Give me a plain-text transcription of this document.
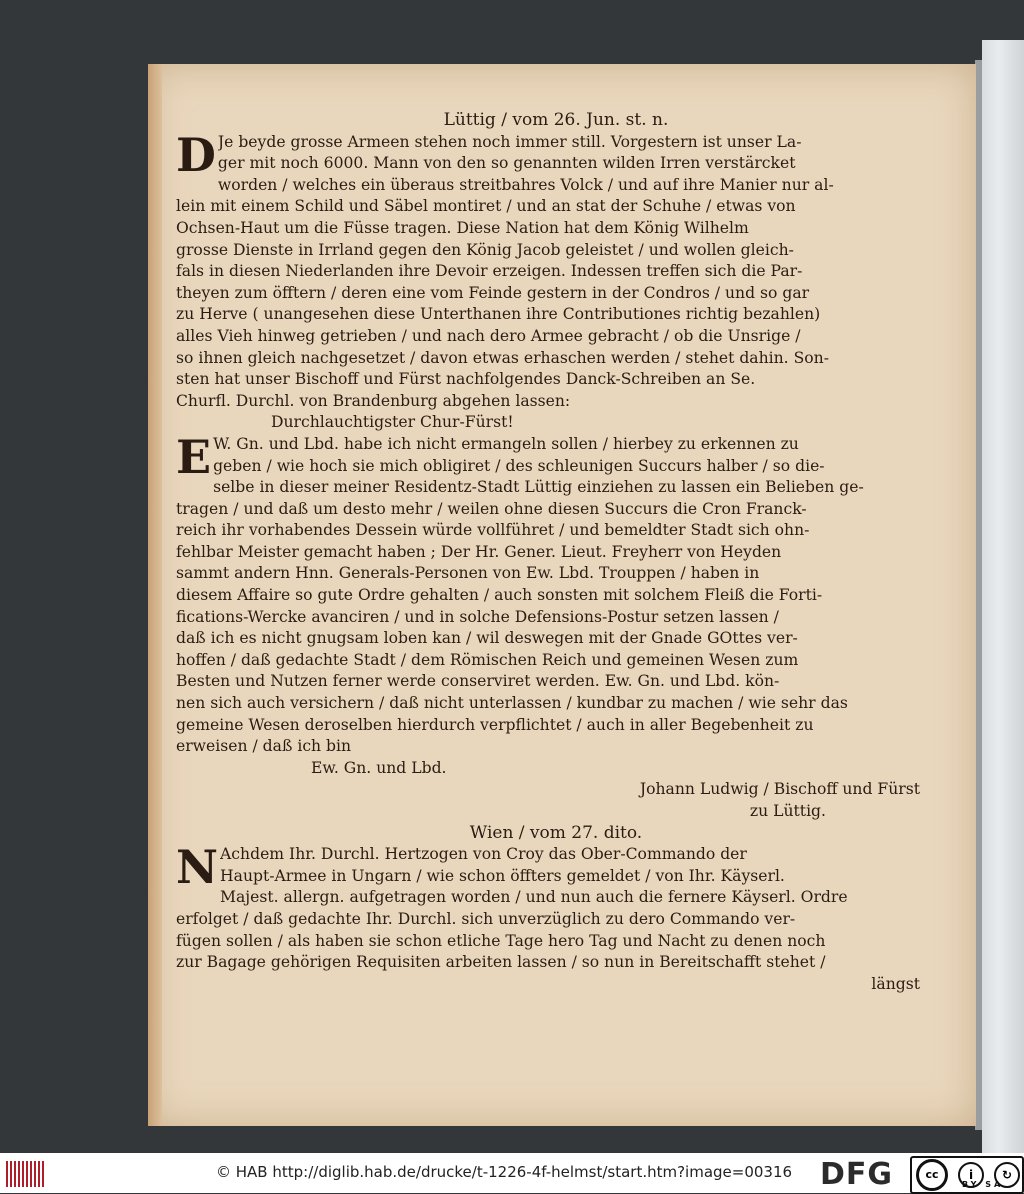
Lüttig / vom 26. Jun. st. n.
D Je beyde grosse Armeen stehen noch immer still. Vorgestern ist unser La-
ger mit noch 6000. Mann von den so genannten wilden Irren verstärcket
worden / welches ein überaus streitbahres Volck / und auf ihre Manier nur al-
lein mit einem Schild und Säbel montiret / und an stat der Schuhe / etwas von
Ochsen-Haut um die Füsse tragen. Diese Nation hat dem König Wilhelm
grosse Dienste in Irrland gegen den König Jacob geleistet / und wollen gleich-
fals in diesen Niederlanden ihre Devoir erzeigen. Indessen treffen sich die Par-
theyen zum öfftern / deren eine vom Feinde gestern in der Condros / und so gar
zu Herve ( unangesehen diese Unterthanen ihre Contributiones richtig bezahlen)
alles Vieh hinweg getrieben / und nach dero Armee gebracht / ob die Unsrige /
so ihnen gleich nachgesetzet / davon etwas erhaschen werden / stehet dahin. Son-
sten hat unser Bischoff und Fürst nachfolgendes Danck-Schreiben an Se.
Churfl. Durchl. von Brandenburg abgehen lassen:
Durchlauchtigster Chur-Fürst!
E W. Gn. und Lbd. habe ich nicht ermangeln sollen / hierbey zu erkennen zu
geben / wie hoch sie mich obligiret / des schleunigen Succurs halber / so die-
selbe in dieser meiner Residentz-Stadt Lüttig einziehen zu lassen ein Belieben ge-
tragen / und daß um desto mehr / weilen ohne diesen Succurs die Cron Franck-
reich ihr vorhabendes Dessein würde vollführet / und bemeldter Stadt sich ohn-
fehlbar Meister gemacht haben ; Der Hr. Gener. Lieut. Freyherr von Heyden
sammt andern Hnn. Generals-Personen von Ew. Lbd. Trouppen / haben in
diesem Affaire so gute Ordre gehalten / auch sonsten mit solchem Fleiß die Forti-
fications-Wercke avanciren / und in solche Defensions-Postur setzen lassen /
daß ich es nicht gnugsam loben kan / wil deswegen mit der Gnade GOttes ver-
hoffen / daß gedachte Stadt / dem Römischen Reich und gemeinen Wesen zum
Besten und Nutzen ferner werde conserviret werden. Ew. Gn. und Lbd. kön-
nen sich auch versichern / daß nicht unterlassen / kundbar zu machen / wie sehr das
gemeine Wesen deroselben hierdurch verpflichtet / auch in aller Begebenheit zu
erweisen / daß ich bin
Ew. Gn. und Lbd.
Johann Ludwig / Bischoff und Fürst
zu Lüttig.
Wien / vom 27. dito.
N Achdem Ihr. Durchl. Hertzogen von Croy das Ober-Commando der
Haupt-Armee in Ungarn / wie schon öffters gemeldet / von Ihr. Käyserl.
Majest. allergn. aufgetragen worden / und nun auch die fernere Käyserl. Ordre
erfolget / daß gedachte Ihr. Durchl. sich unverzüglich zu dero Commando ver-
fügen sollen / als haben sie schon etliche Tage hero Tag und Nacht zu denen noch
zur Bagage gehörigen Requisiten arbeiten lassen / so nun in Bereitschafft stehet /
längst
© HAB http://diglib.hab.de/drucke/t-1226-4f-helmst/start.htm?image=00316 DFG	cc	i	↻
BY SA
